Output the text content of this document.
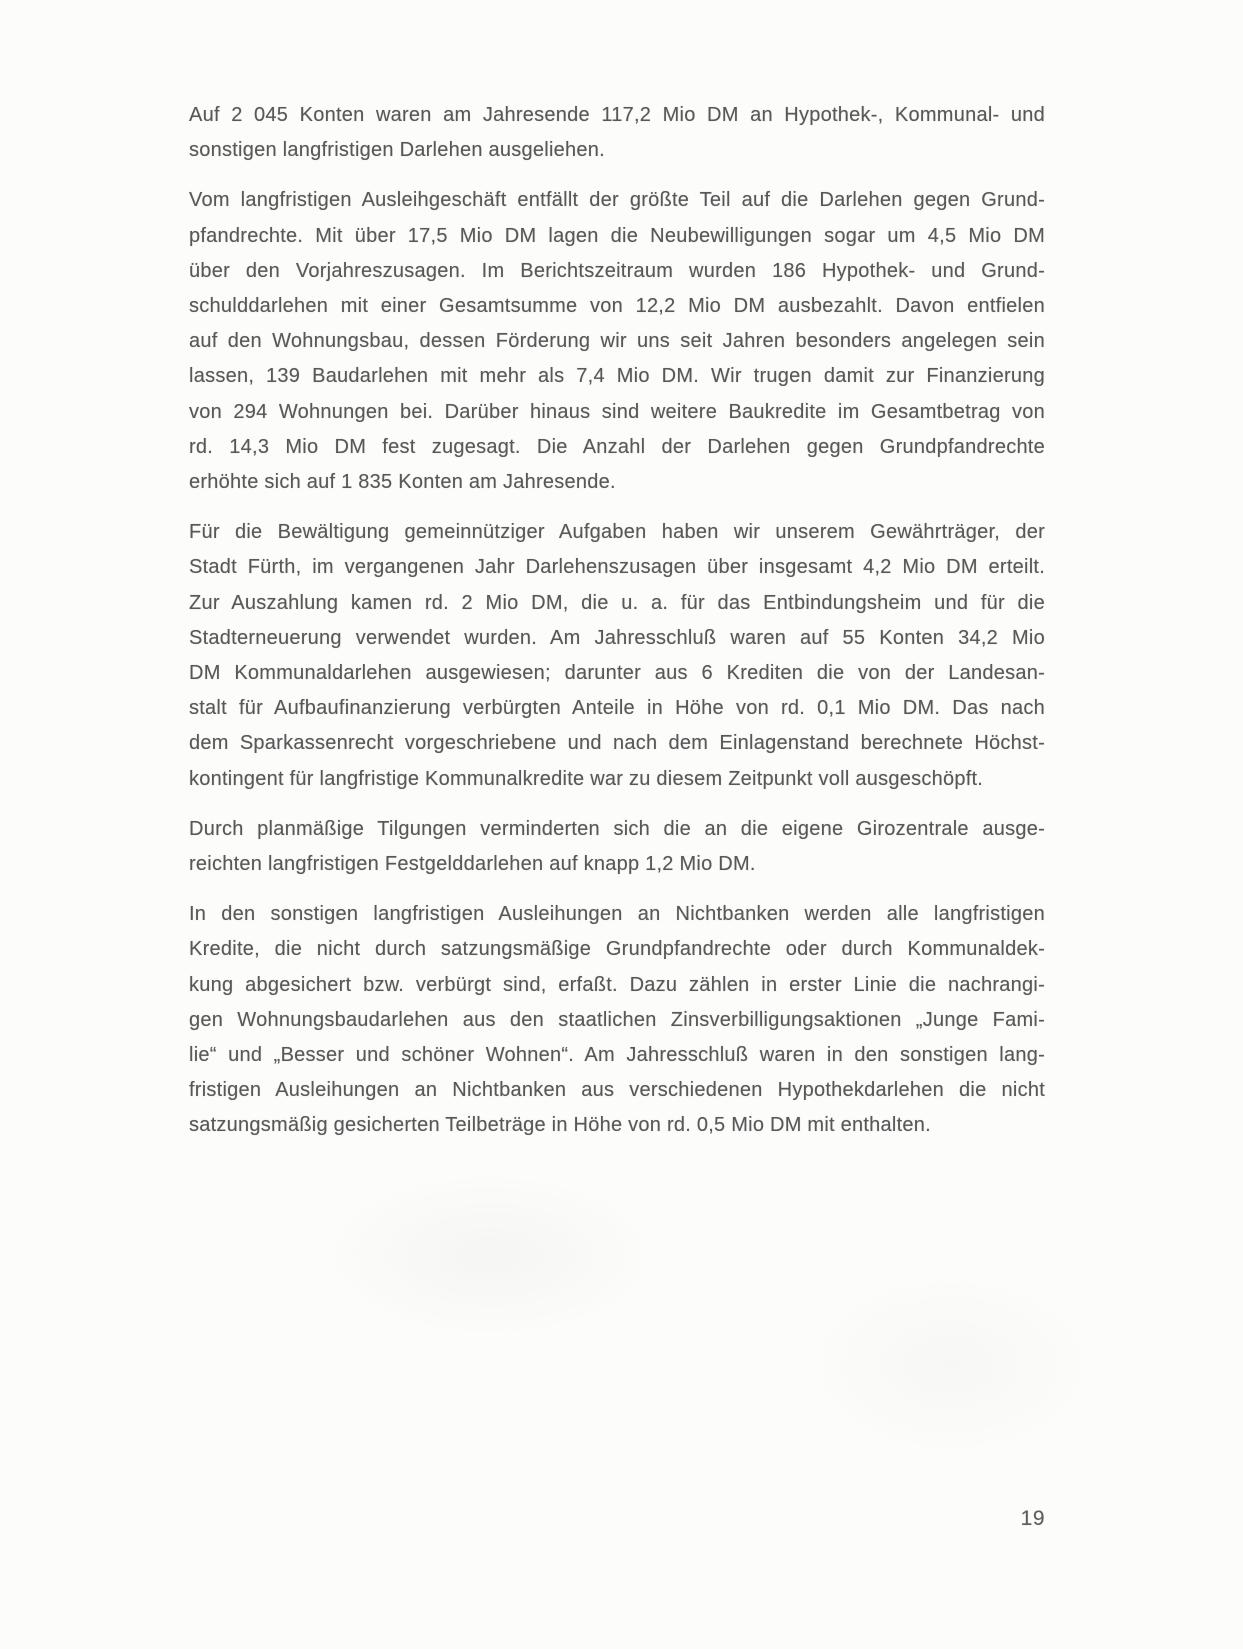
Auf 2 045 Konten waren am Jahresende 117,2 Mio DM an Hypothek-, Kommunal- und
sonstigen langfristigen Darlehen ausgeliehen.

Vom langfristigen Ausleihgeschäft entfällt der größte Teil auf die Darlehen gegen Grund-
pfandrechte. Mit über 17,5 Mio DM lagen die Neubewilligungen sogar um 4,5 Mio DM
über den Vorjahreszusagen. Im Berichtszeitraum wurden 186 Hypothek- und Grund-
schulddarlehen mit einer Gesamtsumme von 12,2 Mio DM ausbezahlt. Davon entfielen
auf den Wohnungsbau, dessen Förderung wir uns seit Jahren besonders angelegen sein
lassen, 139 Baudarlehen mit mehr als 7,4 Mio DM. Wir trugen damit zur Finanzierung
von 294 Wohnungen bei. Darüber hinaus sind weitere Baukredite im Gesamtbetrag von
rd. 14,3 Mio DM fest zugesagt. Die Anzahl der Darlehen gegen Grundpfandrechte
erhöhte sich auf 1 835 Konten am Jahresende.

Für die Bewältigung gemeinnütziger Aufgaben haben wir unserem Gewährträger, der
Stadt Fürth, im vergangenen Jahr Darlehenszusagen über insgesamt 4,2 Mio DM erteilt.
Zur Auszahlung kamen rd. 2 Mio DM, die u. a. für das Entbindungsheim und für die
Stadterneuerung verwendet wurden. Am Jahresschluß waren auf 55 Konten 34,2 Mio
DM Kommunaldarlehen ausgewiesen; darunter aus 6 Krediten die von der Landesan-
stalt für Aufbaufinanzierung verbürgten Anteile in Höhe von rd. 0,1 Mio DM. Das nach
dem Sparkassenrecht vorgeschriebene und nach dem Einlagenstand berechnete Höchst-
kontingent für langfristige Kommunalkredite war zu diesem Zeitpunkt voll ausgeschöpft.

Durch planmäßige Tilgungen verminderten sich die an die eigene Girozentrale ausge-
reichten langfristigen Festgelddarlehen auf knapp 1,2 Mio DM.

In den sonstigen langfristigen Ausleihungen an Nichtbanken werden alle langfristigen
Kredite, die nicht durch satzungsmäßige Grundpfandrechte oder durch Kommunaldek-
kung abgesichert bzw. verbürgt sind, erfaßt. Dazu zählen in erster Linie die nachrangi-
gen Wohnungsbaudarlehen aus den staatlichen Zinsverbilligungsaktionen „Junge Fami-
lie“ und „Besser und schöner Wohnen“. Am Jahresschluß waren in den sonstigen lang-
fristigen Ausleihungen an Nichtbanken aus verschiedenen Hypothekdarlehen die nicht
satzungsmäßig gesicherten Teilbeträge in Höhe von rd. 0,5 Mio DM mit enthalten.

19
